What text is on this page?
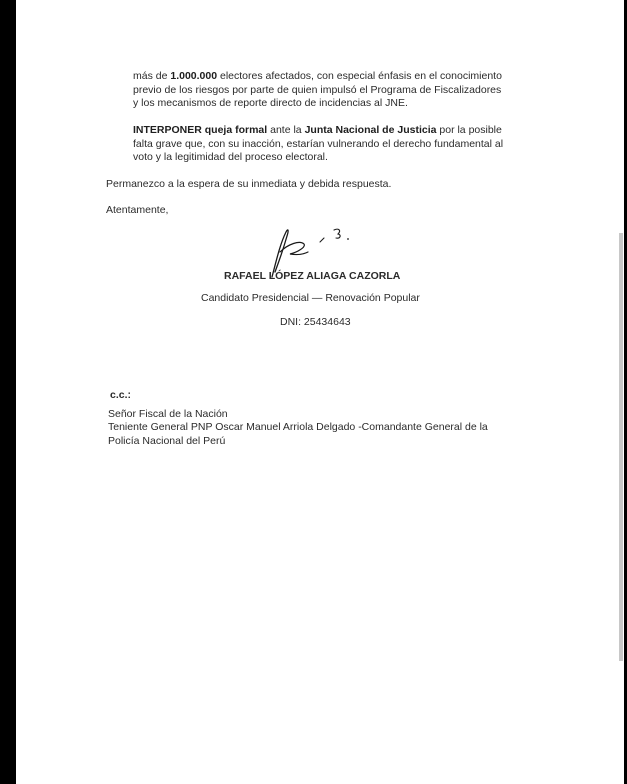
más de 1.000.000 electores afectados, con especial énfasis en el conocimiento
previo de los riesgos por parte de quien impulsó el Programa de Fiscalizadores
y los mecanismos de reporte directo de incidencias al JNE.
INTERPONER queja formal ante la Junta Nacional de Justicia por la posible
falta grave que, con su inacción, estarían vulnerando el derecho fundamental al
voto y la legitimidad del proceso electoral.
Permanezco a la espera de su inmediata y debida respuesta.
Atentamente,
RAFAEL LÓPEZ ALIAGA CAZORLA
Candidato Presidencial — Renovación Popular
DNI: 25434643
c.c.:
Señor Fiscal de la Nación
Teniente General PNP Oscar Manuel Arriola Delgado -Comandante General de la
Policía Nacional del Perú
